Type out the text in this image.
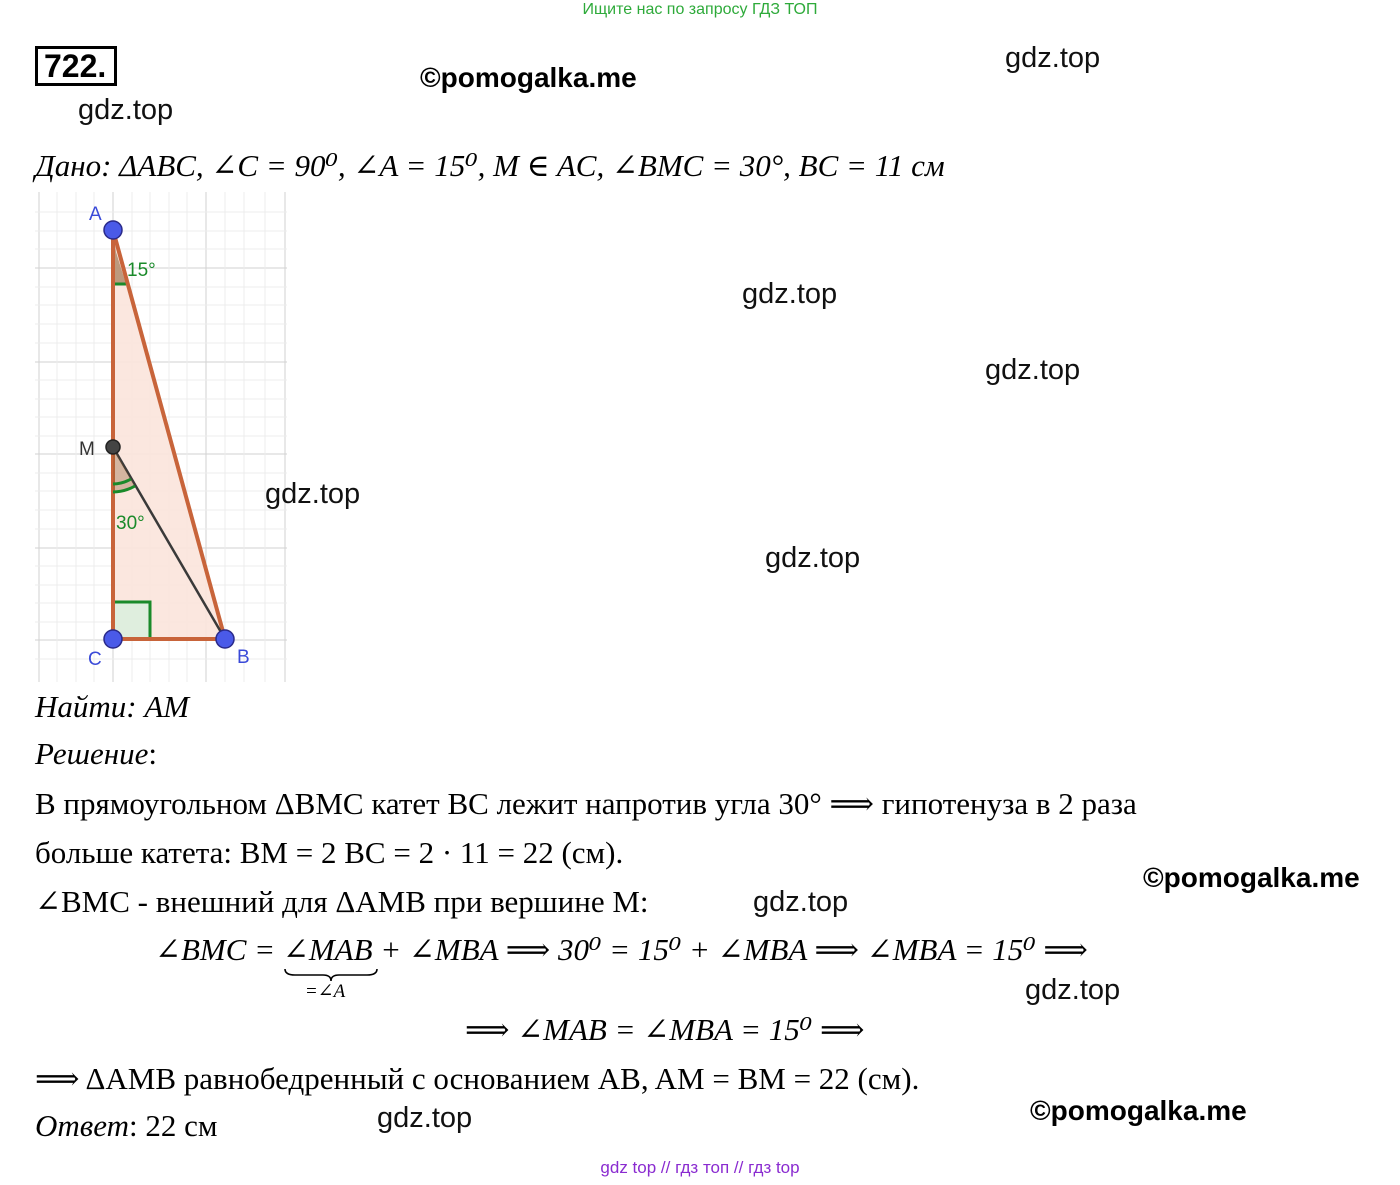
Ищите нас по запросу ГДЗ ТОП
722.	©pomogalka.me
gdz.top
gdz.top
Дано: ΔABC, ∠C = 90⁰, ∠A = 15⁰, M ∈ AC, ∠BMC = 30°, BC = 11 см
A
M
C	B
15°
30°
gdz.top
gdz.top
gdz.top
gdz.top
Найти: AM
Решение:
В прямоугольном ΔBMC катет BC лежит напротив угла 30° ⟹ гипотенуза в 2 раза
больше катета: BM = 2 BC = 2 · 11 = 22 (см).
©pomogalka.me
∠BMC - внешний для ΔAMB при вершине M:	gdz.top
∠BMC = ∠MAB
=∠A
+ ∠MBA ⟹ 30⁰ = 15⁰ + ∠MBA ⟹ ∠MBA = 15⁰ ⟹
gdz.top
⟹ ∠MAB = ∠MBA = 15⁰ ⟹
⟹ ΔAMB равнобедренный с основанием AB, AM = BM = 22 (см).
©pomogalka.me
gdz.top
Ответ: 22 см
gdz top // гдз топ // гдз top
